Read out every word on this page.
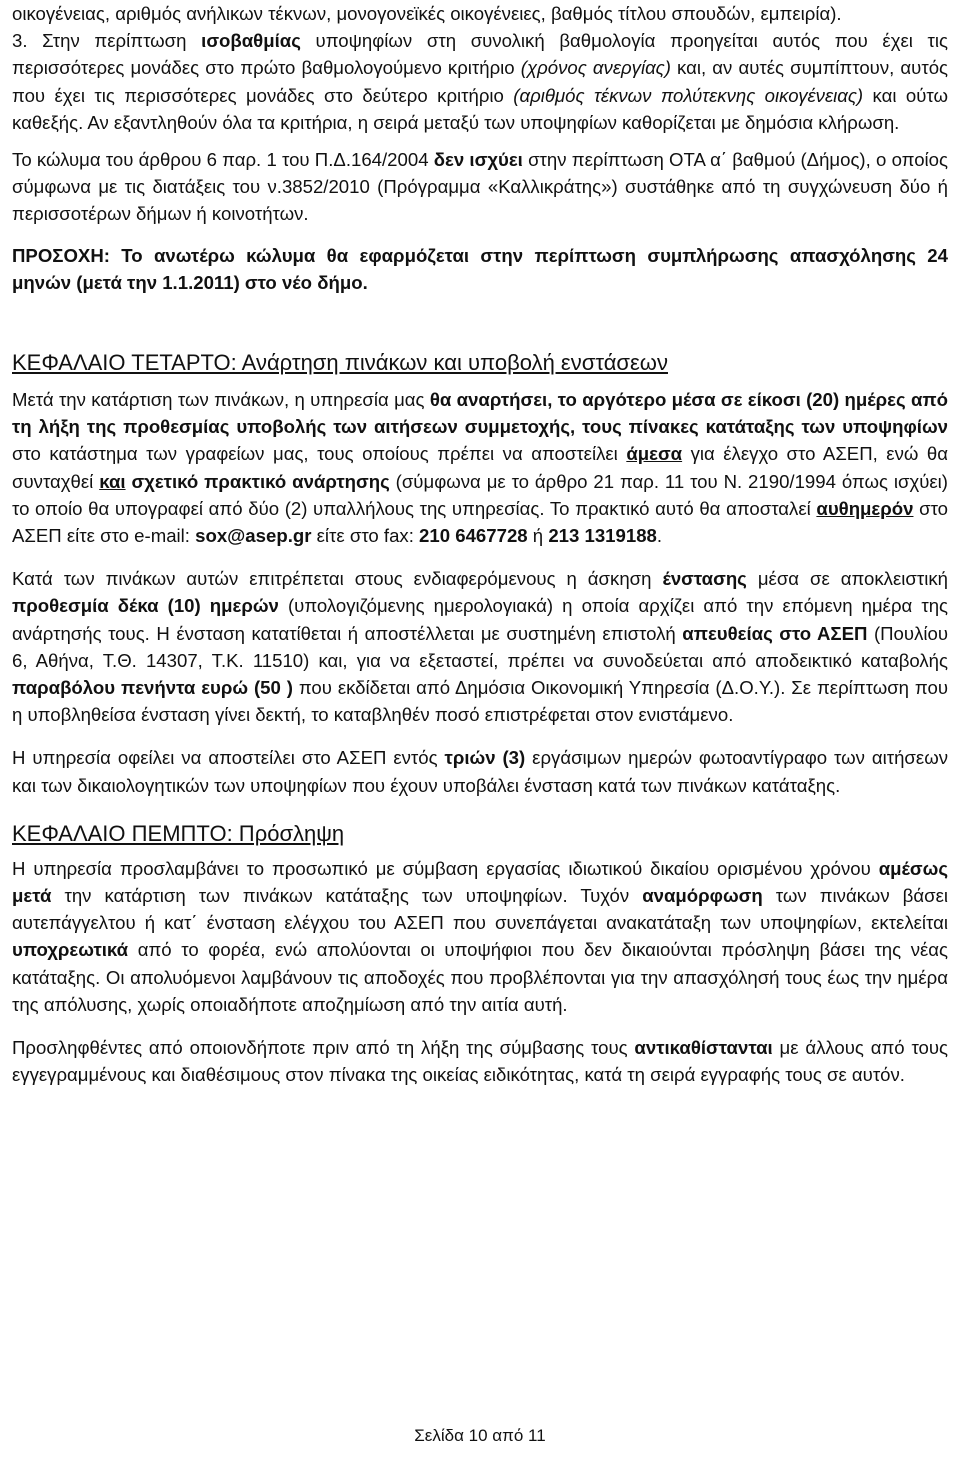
οικογένειας, αριθμός ανήλικων τέκνων, μονογονεϊκές οικογένειες, βαθμός τίτλου σπουδών, εμπειρία).
3. Στην περίπτωση ισοβαθμίας υποψηφίων στη συνολική βαθμολογία προηγείται αυτός που έχει τις περισσότερες μονάδες στο πρώτο βαθμολογούμενο κριτήριο (χρόνος ανεργίας) και, αν αυτές συμπίπτουν, αυτός που έχει τις περισσότερες μονάδες στο δεύτερο κριτήριο (αριθμός τέκνων πολύτεκνης οικογένειας) και ούτω καθεξής. Αν εξαντληθούν όλα τα κριτήρια, η σειρά μεταξύ των υποψηφίων καθορίζεται με δημόσια κλήρωση.

Το κώλυμα του άρθρου 6 παρ. 1 του Π.Δ.164/2004 δεν ισχύει στην περίπτωση ΟΤΑ α΄ βαθμού (Δήμος), ο οποίος σύμφωνα με τις διατάξεις του ν.3852/2010 (Πρόγραμμα «Καλλικράτης») συστάθηκε από τη συγχώνευση δύο ή περισσοτέρων δήμων ή κοινοτήτων.

ΠΡΟΣΟΧΗ: Το ανωτέρω κώλυμα θα εφαρμόζεται στην περίπτωση συμπλήρωσης απασχόλησης 24 μηνών (μετά την 1.1.2011) στο νέο δήμο.

ΚΕΦΑΛΑΙΟ ΤΕΤΑΡΤΟ: Ανάρτηση πινάκων και υποβολή ενστάσεων

Μετά την κατάρτιση των πινάκων, η υπηρεσία μας θα αναρτήσει, το αργότερο μέσα σε είκοσι (20) ημέρες από τη λήξη της προθεσμίας υποβολής των αιτήσεων συμμετοχής, τους πίνακες κατάταξης των υποψηφίων στο κατάστημα των γραφείων μας, τους οποίους πρέπει να αποστείλει άμεσα για έλεγχο στο ΑΣΕΠ, ενώ θα συνταχθεί και σχετικό πρακτικό ανάρτησης (σύμφωνα με το άρθρο 21 παρ. 11 του Ν. 2190/1994 όπως ισχύει) το οποίο θα υπογραφεί από δύο (2) υπαλλήλους της υπηρεσίας. Το πρακτικό αυτό θα αποσταλεί αυθημερόν στο ΑΣΕΠ είτε στο e-mail: sox@asep.gr είτε στο fax: 210 6467728 ή 213 1319188.

Κατά των πινάκων αυτών επιτρέπεται στους ενδιαφερόμενους η άσκηση ένστασης μέσα σε αποκλειστική προθεσμία δέκα (10) ημερών (υπολογιζόμενης ημερολογιακά) η οποία αρχίζει από την επόμενη ημέρα της ανάρτησής τους. Η ένσταση κατατίθεται ή αποστέλλεται με συστημένη επιστολή απευθείας στο ΑΣΕΠ (Πουλίου 6, Αθήνα, Τ.Θ. 14307, Τ.Κ. 11510) και, για να εξεταστεί, πρέπει να συνοδεύεται από αποδεικτικό καταβολής παραβόλου πενήντα ευρώ (50 ) που εκδίδεται από Δημόσια Οικονομική Υπηρεσία (Δ.Ο.Υ.). Σε περίπτωση που η υποβληθείσα ένσταση γίνει δεκτή, το καταβληθέν ποσό επιστρέφεται στον ενιστάμενο.

Η υπηρεσία οφείλει να αποστείλει στο ΑΣΕΠ εντός τριών (3) εργάσιμων ημερών φωτοαντίγραφο των αιτήσεων και των δικαιολογητικών των υποψηφίων που έχουν υποβάλει ένσταση κατά των πινάκων κατάταξης.

ΚΕΦΑΛΑΙΟ ΠΕΜΠΤΟ: Πρόσληψη

Η υπηρεσία προσλαμβάνει το προσωπικό με σύμβαση εργασίας ιδιωτικού δικαίου ορισμένου χρόνου αμέσως μετά την κατάρτιση των πινάκων κατάταξης των υποψηφίων. Τυχόν αναμόρφωση των πινάκων βάσει αυτεπάγγελτου ή κατ΄ ένσταση ελέγχου του ΑΣΕΠ που συνεπάγεται ανακατάταξη των υποψηφίων, εκτελείται υποχρεωτικά από το φορέα, ενώ απολύονται οι υποψήφιοι που δεν δικαιούνται πρόσληψη βάσει της νέας κατάταξης. Οι απολυόμενοι λαμβάνουν τις αποδοχές που προβλέπονται για την απασχόλησή τους έως την ημέρα της απόλυσης, χωρίς οποιαδήποτε αποζημίωση από την αιτία αυτή.

Προσληφθέντες από οποιονδήποτε πριν από τη λήξη της σύμβασης τους αντικαθίστανται με άλλους από τους εγγεγραμμένους και διαθέσιμους στον πίνακα της οικείας ειδικότητας, κατά τη σειρά εγγραφής τους σε αυτόν.

Σελίδα 10 από 11
